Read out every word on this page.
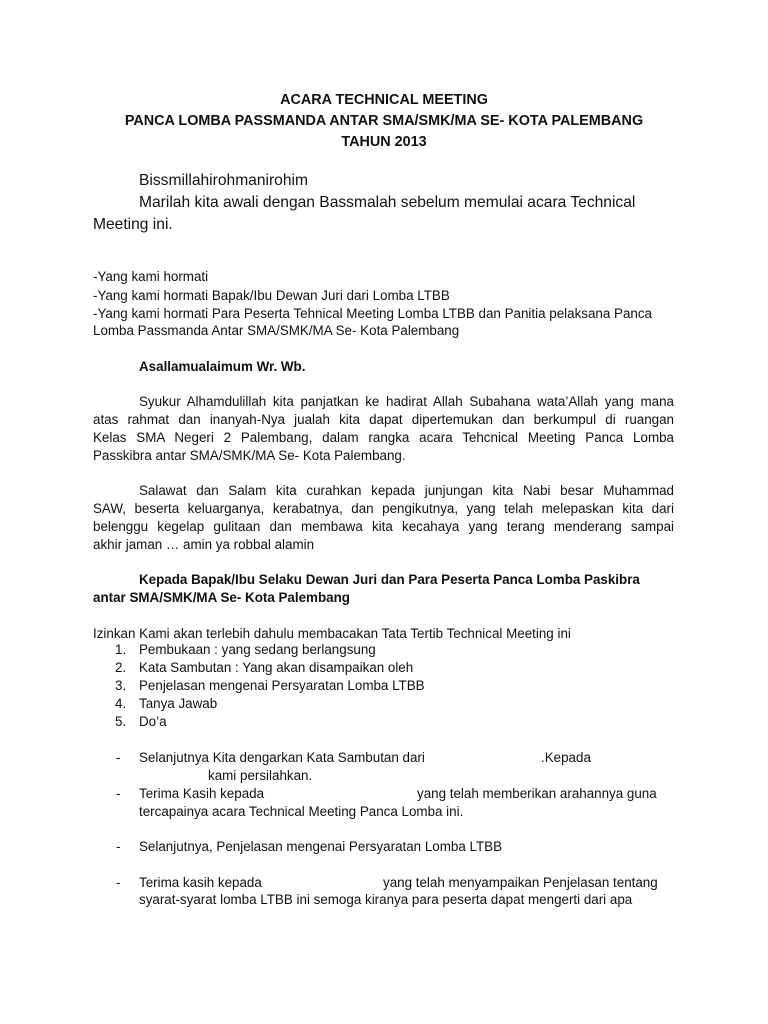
ACARA TECHNICAL MEETING
PANCA LOMBA PASSMANDA ANTAR SMA/SMK/MA SE- KOTA PALEMBANG
TAHUN 2013
Bissmillahirohmanirohim
Marilah kita awali dengan Bassmalah sebelum memulai acara Technical
Meeting ini.
-Yang kami hormati
-Yang kami hormati Bapak/Ibu Dewan Juri dari Lomba LTBB
-Yang kami hormati Para Peserta Tehnical Meeting Lomba LTBB dan Panitia pelaksana Panca
Lomba Passmanda Antar SMA/SMK/MA Se- Kota Palembang
Asallamualaimum Wr. Wb.
Syukur Alhamdulillah kita panjatkan ke hadirat Allah Subahana wata’Allah yang mana
atas rahmat dan inanyah-Nya jualah kita dapat dipertemukan dan berkumpul di ruangan
Kelas SMA Negeri 2 Palembang, dalam rangka acara Tehcnical Meeting Panca Lomba
Passkibra antar SMA/SMK/MA Se- Kota Palembang.
Salawat dan Salam kita curahkan kepada junjungan kita Nabi besar Muhammad
SAW, beserta keluarganya, kerabatnya, dan pengikutnya, yang telah melepaskan kita dari
belenggu kegelap gulitaan dan membawa kita kecahaya yang terang menderang sampai
akhir jaman … amin ya robbal alamin
Kepada Bapak/Ibu Selaku Dewan Juri dan Para Peserta Panca Lomba Paskibra
antar SMA/SMK/MA Se- Kota Palembang
Izinkan Kami akan terlebih dahulu membacakan Tata Tertib Technical Meeting ini
1. Pembukaan : yang sedang berlangsung
2. Kata Sambutan : Yang akan disampaikan oleh
3. Penjelasan mengenai Persyaratan Lomba LTBB
4. Tanya Jawab
5. Do’a
- Selanjutnya Kita dengarkan Kata Sambutan dari	.Kepada
kami persilahkan.
- Terima Kasih kepada	yang telah memberikan arahannya guna
tercapainya acara Technical Meeting Panca Lomba ini.
- Selanjutnya, Penjelasan mengenai Persyaratan Lomba LTBB
- Terima kasih kepada	yang telah menyampaikan Penjelasan tentang
syarat-syarat lomba LTBB ini semoga kiranya para peserta dapat mengerti dari apa
